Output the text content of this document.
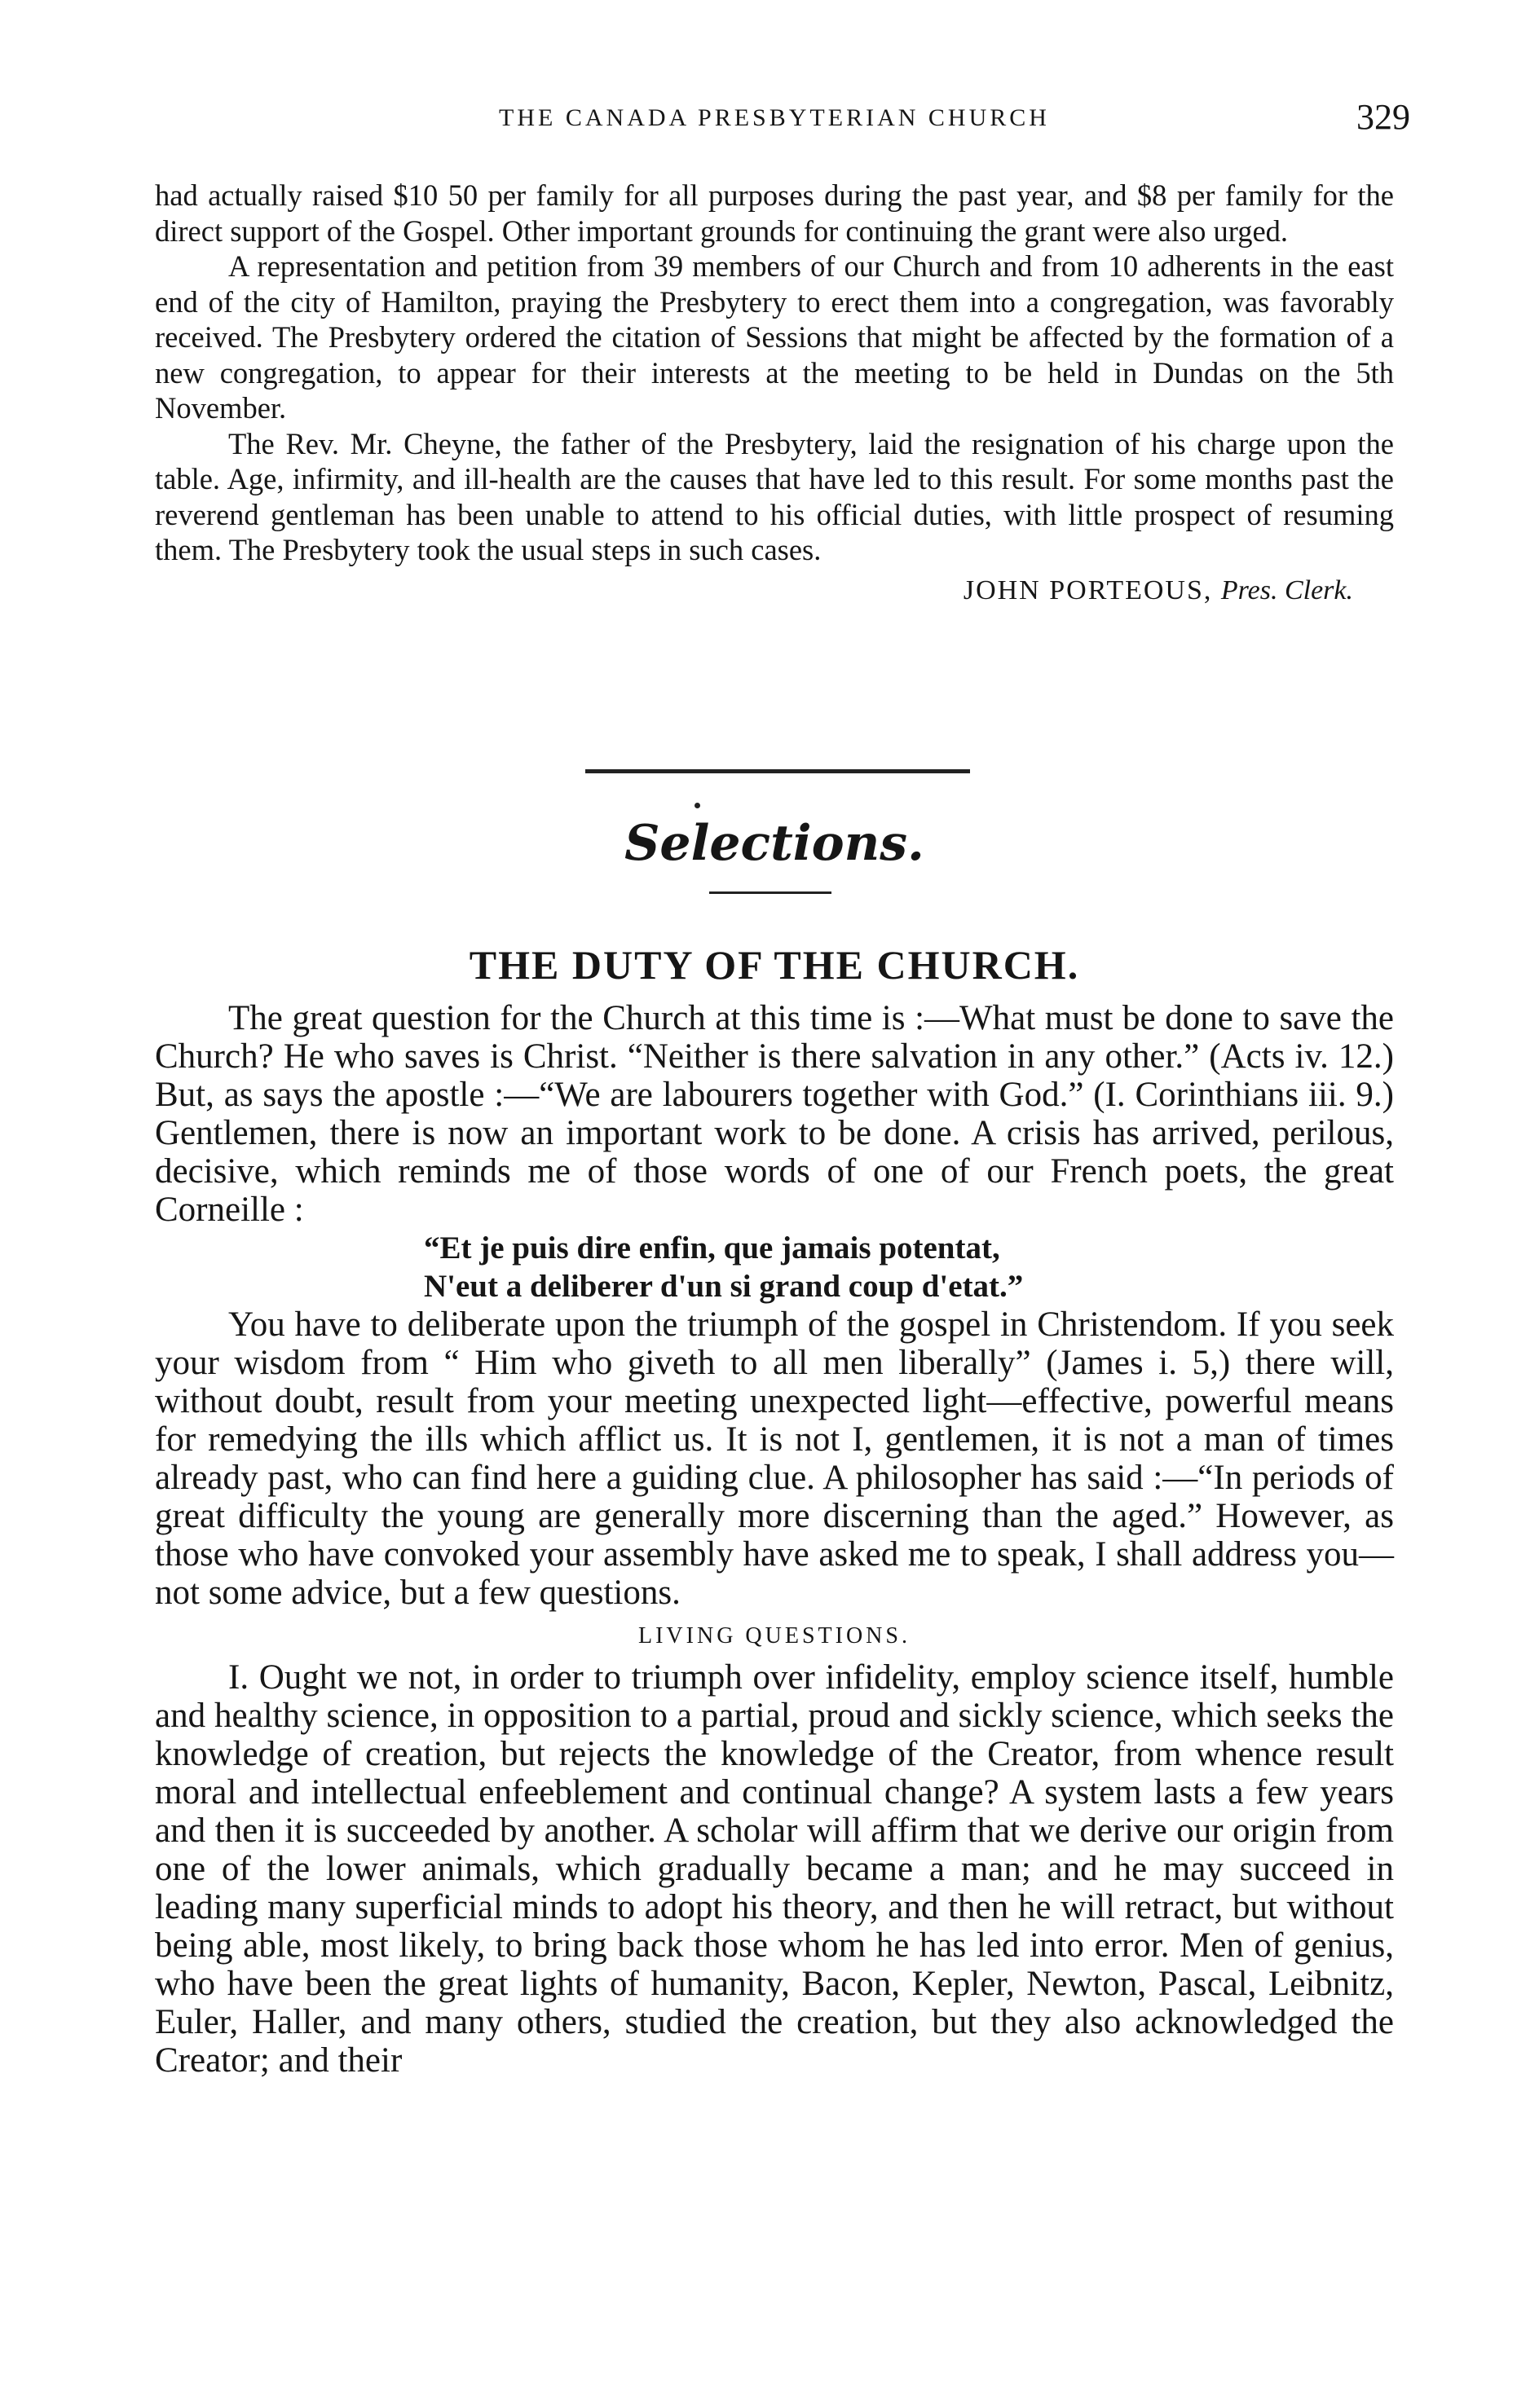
THE CANADA PRESBYTERIAN CHURCH	329

had actually raised $10 50 per family for all purposes during the past year, and $8 per family for the direct support of the Gospel. Other important grounds for continuing the grant were also urged.

A representation and petition from 39 members of our Church and from 10 adherents in the east end of the city of Hamilton, praying the Presbytery to erect them into a congregation, was favorably received. The Presbytery ordered the citation of Sessions that might be affected by the formation of a new congregation, to appear for their interests at the meeting to be held in Dundas on the 5th November.

The Rev. Mr. Cheyne, the father of the Presbytery, laid the resignation of his charge upon the table. Age, infirmity, and ill-health are the causes that have led to this result. For some months past the reverend gentleman has been unable to attend to his official duties, with little prospect of resuming them. The Presbytery took the usual steps in such cases.

JOHN PORTEOUS, Pres. Clerk.

Selections.
THE DUTY OF THE CHURCH.

The great question for the Church at this time is :—What must be done to save the Church? He who saves is Christ. “Neither is there salvation in any other.” (Acts iv. 12.) But, as says the apostle :—“We are labourers together with God.” (I. Corinthians iii. 9.) Gentlemen, there is now an important work to be done. A crisis has arrived, perilous, decisive, which reminds me of those words of one of our French poets, the great Corneille :

“Et je puis dire enfin, que jamais potentat,

N'eut a deliberer d'un si grand coup d'etat.”

You have to deliberate upon the triumph of the gospel in Christendom. If you seek your wisdom from “ Him who giveth to all men liberally” (James i. 5,) there will, without doubt, result from your meeting unexpected light—effective, powerful means for remedying the ills which afflict us. It is not I, gentlemen, it is not a man of times already past, who can find here a guiding clue. A philosopher has said :—“In periods of great difficulty the young are generally more discerning than the aged.” However, as those who have convoked your assembly have asked me to speak, I shall address you—not some advice, but a few questions.

LIVING QUESTIONS.

I. Ought we not, in order to triumph over infidelity, employ science itself, humble and healthy science, in opposition to a partial, proud and sickly science, which seeks the knowledge of creation, but rejects the knowledge of the Creator, from whence result moral and intellectual enfeeblement and continual change? A system lasts a few years and then it is succeeded by another. A scholar will affirm that we derive our origin from one of the lower animals, which gradually became a man; and he may succeed in leading many superficial minds to adopt his theory, and then he will retract, but without being able, most likely, to bring back those whom he has led into error. Men of genius, who have been the great lights of humanity, Bacon, Kepler, Newton, Pascal, Leibnitz, Euler, Haller, and many others, studied the creation, but they also acknowledged the Creator; and their
